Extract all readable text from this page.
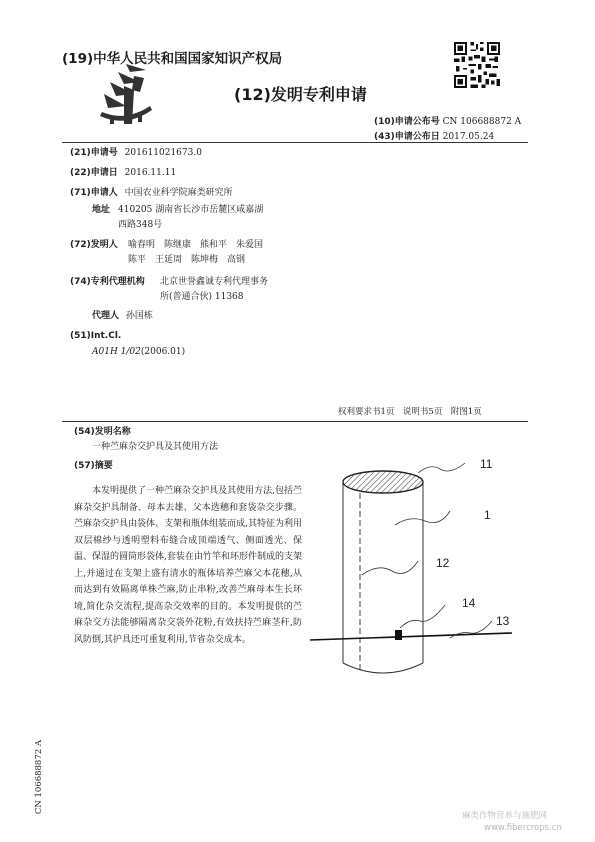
(19)中华人民共和国国家知识产权局
(12)发明专利申请
(10)申请公布号 CN 106688872 A
(43)申请公布日 2017.05.24
(21)申请号 201611021673.0
(22)申请日 2016.11.11
(71)申请人 中国农业科学院麻类研究所
地址 410205 湖南省长沙市岳麓区咸嘉湖
西路348号
(72)发明人 喻春明　陈继康　熊和平　朱爱国
陈平　王延周　陈坤梅　高钢
(74)专利代理机构 北京世誉鑫诚专利代理事务
所(普通合伙) 11368
代理人 孙国栋
(51)Int.Cl.
A01H 1/02(2006.01)
权利要求书1页　说明书5页　附图1页
(54)发明名称
一种苎麻杂交护具及其使用方法
(57)摘要
本发明提供了一种苎麻杂交护具及其使用方法,包括苎麻杂交护具制备、母本去雄、父本选穗和套袋杂交步骤。苎麻杂交护具由袋体、支架和瓶体组装而成,其特征为利用双层棉纱与透明塑料布缝合成顶端透气、侧面透光、保温、保湿的圆筒形袋体,套装在由竹竿和环形件制成的支架上,并通过在支架上盛有清水的瓶体培养苎麻父本花穗,从而达到有效隔离单株苎麻,防止串粉,改善苎麻母本生长环境,简化杂交流程,提高杂交效率的目的。本发明提供的苎麻杂交方法能够隔离杂交袋外花粉,有效扶持苎麻茎秆,防风防倒,其护具还可重复利用,节省杂交成本。
11
1
12
14
13
CN 106688872 A
麻类作物营养与施肥网
www.fibercrops.cn
